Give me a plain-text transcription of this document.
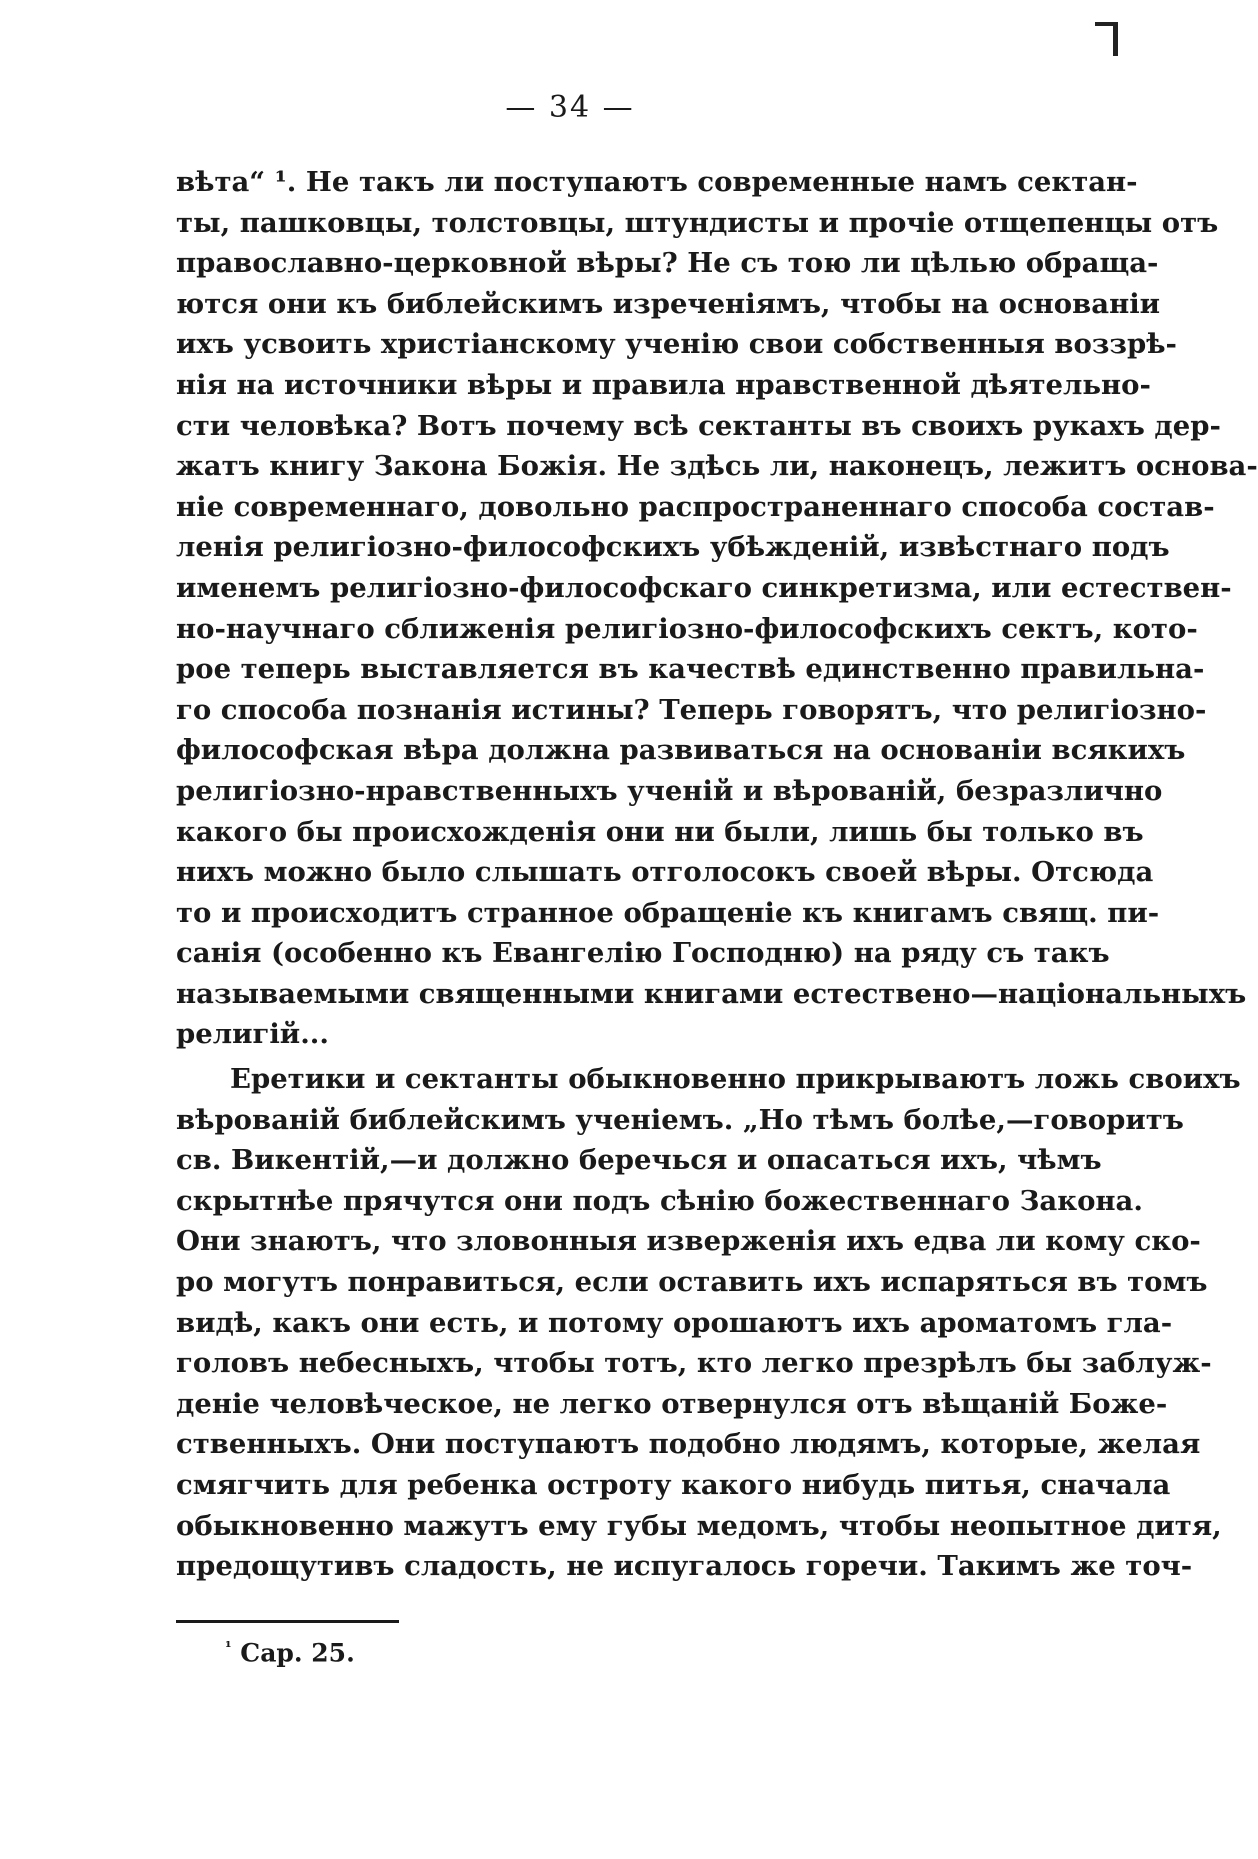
— 34 —
вѣта“ ¹. Не такъ ли поступаютъ современные намъ сектан-
ты, пашковцы, толстовцы, штундисты и прочіе отщепенцы отъ
православно-церковной вѣры? Не съ тою ли цѣлью обраща-
ются они къ библейскимъ изреченіямъ, чтобы на основаніи
ихъ усвоить христіанскому ученію свои собственныя воззрѣ-
нія на источники вѣры и правила нравственной дѣятельно-
сти человѣка? Вотъ почему всѣ сектанты въ своихъ рукахъ дер-
жатъ книгу Закона Божія. Не здѣсь ли, наконецъ, лежитъ основа-
ніе современнаго, довольно распространеннаго способа состав-
ленія религіозно-философскихъ убѣжденій, извѣстнаго подъ
именемъ религіозно-философскаго синкретизма, или естествен-
но-научнаго сближенія религіозно-философскихъ сектъ, кото-
рое теперь выставляется въ качествѣ единственно правильна-
го способа познанія истины? Теперь говорятъ, что религіозно-
философская вѣра должна развиваться на основаніи всякихъ
религіозно-нравственныхъ ученій и вѣрованій, безразлично
какого бы происхожденія они ни были, лишь бы только въ
нихъ можно было слышать отголосокъ своей вѣры. Отсюда
то и происходитъ странное обращеніе къ книгамъ свящ. пи-
санія (особенно къ Евангелію Господню) на ряду съ такъ
называемыми священными книгами естествено—національныхъ
религій...
Еретики и сектанты обыкновенно прикрываютъ ложь своихъ
вѣрованій библейскимъ ученіемъ. „Но тѣмъ болѣе,—говоритъ
св. Викентій,—и должно беречься и опасаться ихъ, чѣмъ
скрытнѣе прячутся они подъ сѣнію божественнаго Закона.
Они знаютъ, что зловонныя изверженія ихъ едва ли кому ско-
ро могутъ понравиться, если оставить ихъ испаряться въ томъ
видѣ, какъ они есть, и потому орошаютъ ихъ ароматомъ гла-
головъ небесныхъ, чтобы тотъ, кто легко презрѣлъ бы заблуж-
деніе человѣческое, не легко отвернулся отъ вѣщаній Боже-
ственныхъ. Они поступаютъ подобно людямъ, которые, желая
смягчить для ребенка остроту какого нибудь питья, сначала
обыкновенно мажутъ ему губы медомъ, чтобы неопытное дитя,
предощутивъ сладость, не испугалось горечи. Такимъ же точ-
$^{^1}$ Cap. 25.
